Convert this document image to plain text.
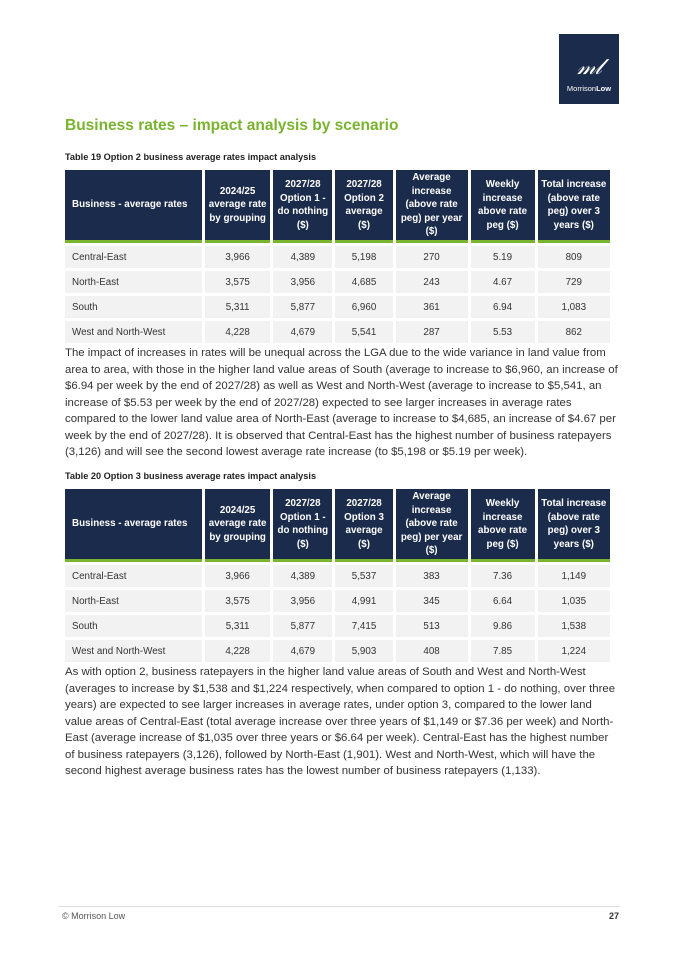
𝓂𝓁
MorrisonLow
Business rates – impact analysis by scenario

Table 19 Option 2 business average rates impact analysis

Business - average rates	2024/25 average rate by grouping	2027/28 Option 1 - do nothing ($)	2027/28 Option 2 average ($)	Average increase (above rate peg) per year ($)	Weekly increase above rate peg ($)	Total increase (above rate peg) over 3 years ($)
Central-East	3,966	4,389	5,198	270	5.19	809
North-East	3,575	3,956	4,685	243	4.67	729
South	5,311	5,877	6,960	361	6.94	1,083
West and North-West	4,228	4,679	5,541	287	5.53	862

The impact of increases in rates will be unequal across the LGA due to the wide variance in land value from area to area, with those in the higher land value areas of South (average to increase to $6,960, an increase of $6.94 per week by the end of 2027/28) as well as West and North-West (average to increase to $5,541, an increase of $5.53 per week by the end of 2027/28) expected to see larger increases in average rates compared to the lower land value area of North-East (average to increase to $4,685, an increase of $4.67 per week by the end of 2027/28). It is observed that Central-East has the highest number of business ratepayers (3,126) and will see the second lowest average rate increase (to $5,198 or $5.19 per week).

Table 20 Option 3 business average rates impact analysis

Business - average rates	2024/25 average rate by grouping	2027/28 Option 1 - do nothing ($)	2027/28 Option 3 average ($)	Average increase (above rate peg) per year ($)	Weekly increase above rate peg ($)	Total increase (above rate peg) over 3 years ($)
Central-East	3,966	4,389	5,537	383	7.36	1,149
North-East	3,575	3,956	4,991	345	6.64	1,035
South	5,311	5,877	7,415	513	9.86	1,538
West and North-West	4,228	4,679	5,903	408	7.85	1,224

As with option 2, business ratepayers in the higher land value areas of South and West and North-West (averages to increase by $1,538 and $1,224 respectively, when compared to option 1 - do nothing, over three years) are expected to see larger increases in average rates, under option 3, compared to the lower land value areas of Central-East (total average increase over three years of $1,149 or $7.36 per week) and North-East (average increase of $1,035 over three years or $6.64 per week). Central-East has the highest number of business ratepayers (3,126), followed by North-East (1,901). West and North-West, which will have the second highest average business rates has the lowest number of business ratepayers (1,133).

© Morrison Low	27
